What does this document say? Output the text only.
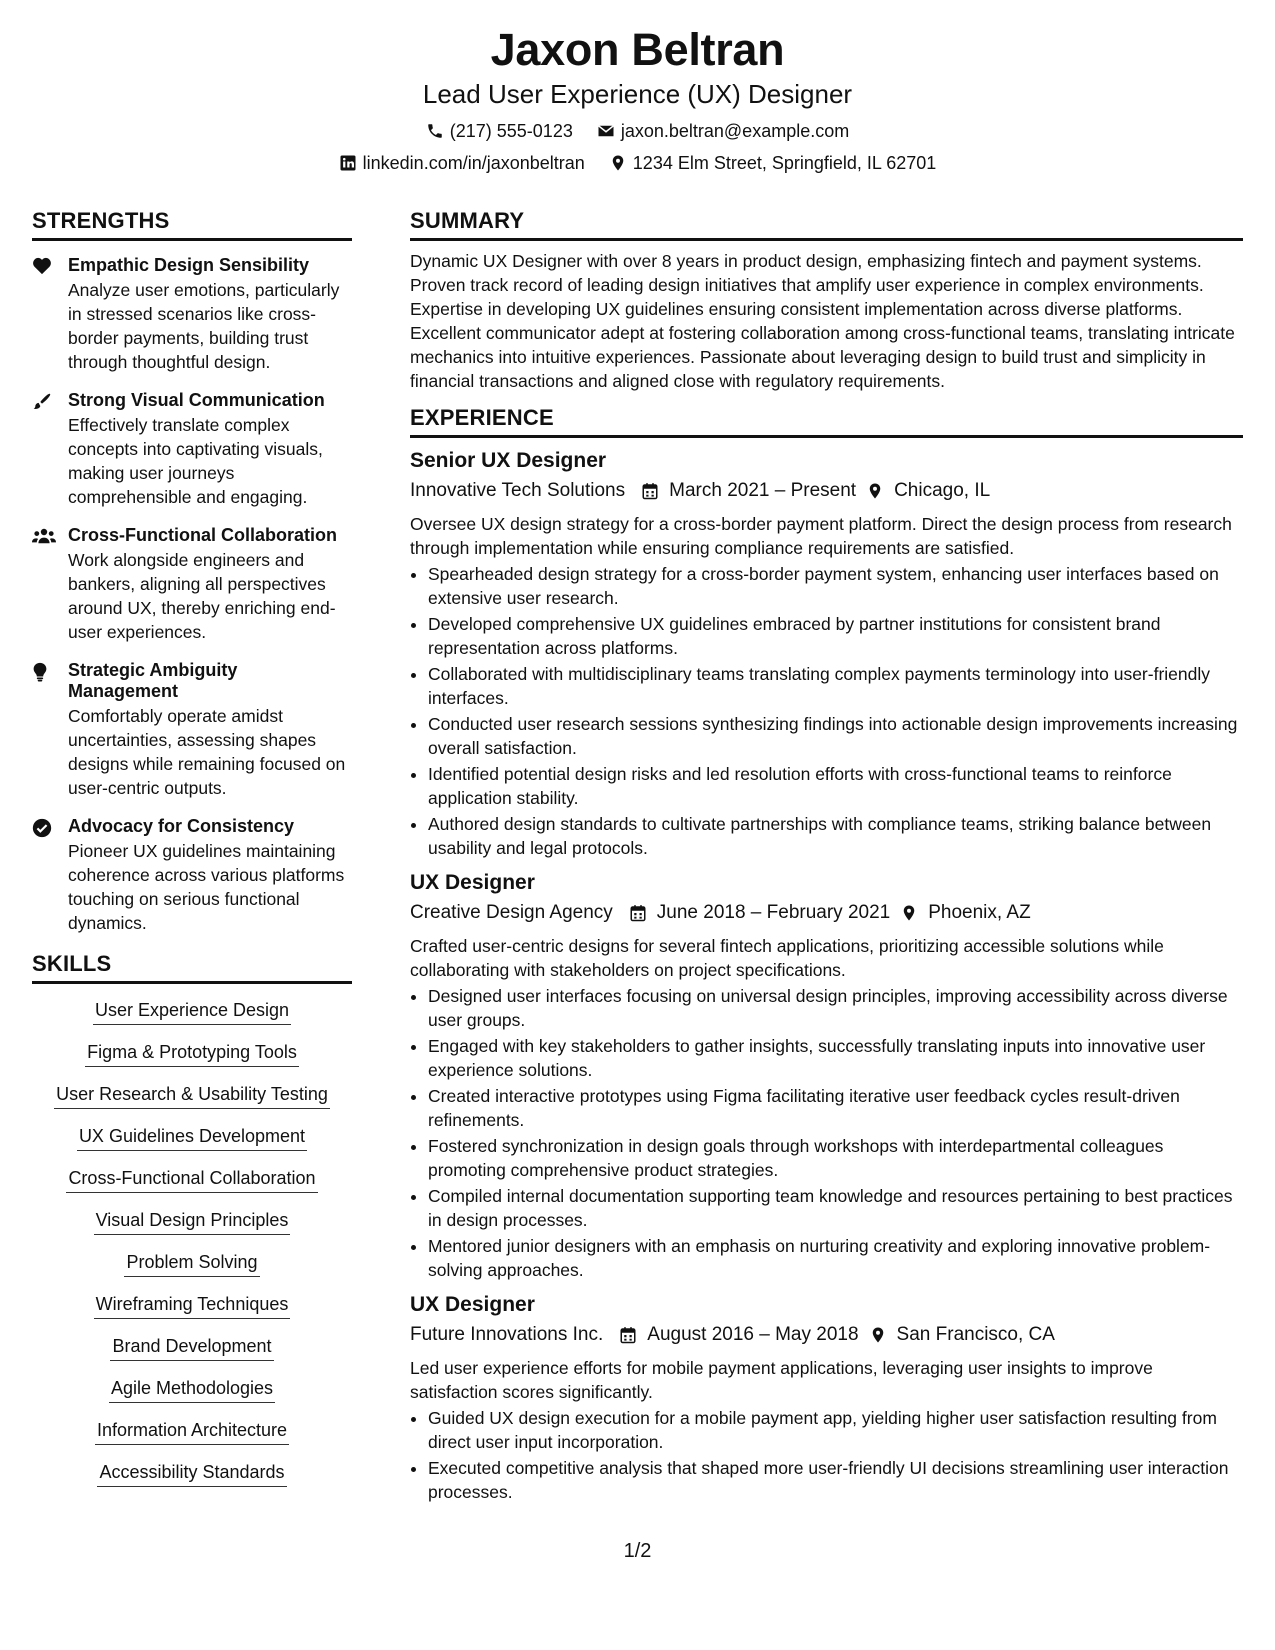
Jaxon Beltran
Lead User Experience (UX) Designer
(217) 555-0123	jaxon.beltran@example.com
linkedin.com/in/jaxonbeltran	1234 Elm Street, Springfield, IL 62701
STRENGTHS
Empathic Design Sensibility
Analyze user emotions, particularly in stressed scenarios like cross-border payments, building trust through thoughtful design.
Strong Visual Communication
Effectively translate complex concepts into captivating visuals, making user journeys comprehensible and engaging.
Cross-Functional Collaboration
Work alongside engineers and bankers, aligning all perspectives around UX, thereby enriching end-user experiences.
Strategic Ambiguity Management
Comfortably operate amidst uncertainties, assessing shapes designs while remaining focused on user-centric outputs.
Advocacy for Consistency
Pioneer UX guidelines maintaining coherence across various platforms touching on serious functional dynamics.
SKILLS
User Experience Design
Figma & Prototyping Tools
User Research & Usability Testing
UX Guidelines Development
Cross-Functional Collaboration
Visual Design Principles
Problem Solving
Wireframing Techniques
Brand Development
Agile Methodologies
Information Architecture
Accessibility Standards
SUMMARY

Dynamic UX Designer with over 8 years in product design, emphasizing fintech and payment systems. Proven track record of leading design initiatives that amplify user experience in complex environments. Expertise in developing UX guidelines ensuring consistent implementation across diverse platforms. Excellent communicator adept at fostering collaboration among cross-functional teams, translating intricate mechanics into intuitive experiences. Passionate about leveraging design to build trust and simplicity in financial transactions and aligned close with regulatory requirements.

EXPERIENCE
Senior UX Designer
Innovative Tech Solutions March 2021 – Present Chicago, IL
Oversee UX design strategy for a cross-border payment platform. Direct the design process from research through implementation while ensuring compliance requirements are satisfied.
• Spearheaded design strategy for a cross-border payment system, enhancing user interfaces based on extensive user research.
• Developed comprehensive UX guidelines embraced by partner institutions for consistent brand representation across platforms.
• Collaborated with multidisciplinary teams translating complex payments terminology into user-friendly interfaces.
• Conducted user research sessions synthesizing findings into actionable design improvements increasing overall satisfaction.
• Identified potential design risks and led resolution efforts with cross-functional teams to reinforce application stability.
• Authored design standards to cultivate partnerships with compliance teams, striking balance between usability and legal protocols.
UX Designer
Creative Design Agency June 2018 – February 2021 Phoenix, AZ
Crafted user-centric designs for several fintech applications, prioritizing accessible solutions while collaborating with stakeholders on project specifications.
• Designed user interfaces focusing on universal design principles, improving accessibility across diverse user groups.
• Engaged with key stakeholders to gather insights, successfully translating inputs into innovative user experience solutions.
• Created interactive prototypes using Figma facilitating iterative user feedback cycles result-driven refinements.
• Fostered synchronization in design goals through workshops with interdepartmental colleagues promoting comprehensive product strategies.
• Compiled internal documentation supporting team knowledge and resources pertaining to best practices in design processes.
• Mentored junior designers with an emphasis on nurturing creativity and exploring innovative problem-solving approaches.
UX Designer
Future Innovations Inc. August 2016 – May 2018 San Francisco, CA
Led user experience efforts for mobile payment applications, leveraging user insights to improve satisfaction scores significantly.
• Guided UX design execution for a mobile payment app, yielding higher user satisfaction resulting from direct user input incorporation.
• Executed competitive analysis that shaped more user-friendly UI decisions streamlining user interaction processes.
1/2
